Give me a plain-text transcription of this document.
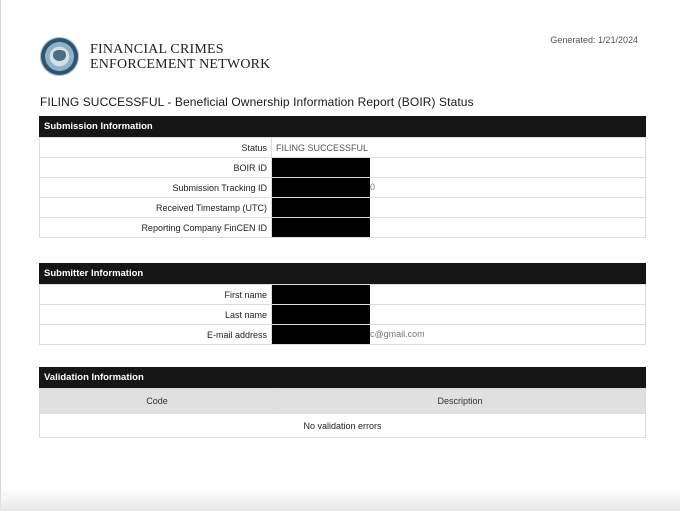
FINANCIAL CRIMES
ENFORCEMENT NETWORK
Generated: 1/21/2024
FILING SUCCESSFUL - Beneficial Ownership Information Report (BOIR) Status
Submission Information
Status	FILING SUCCESSFUL
BOIR ID	

Submission Tracking ID	0

Received Timestamp (UTC)	

Reporting Company FinCEN ID	
Submitter Information
First name	

Last name	

E-mail address	c@gmail.com
Validation Information
Code	Description
No validation errors
